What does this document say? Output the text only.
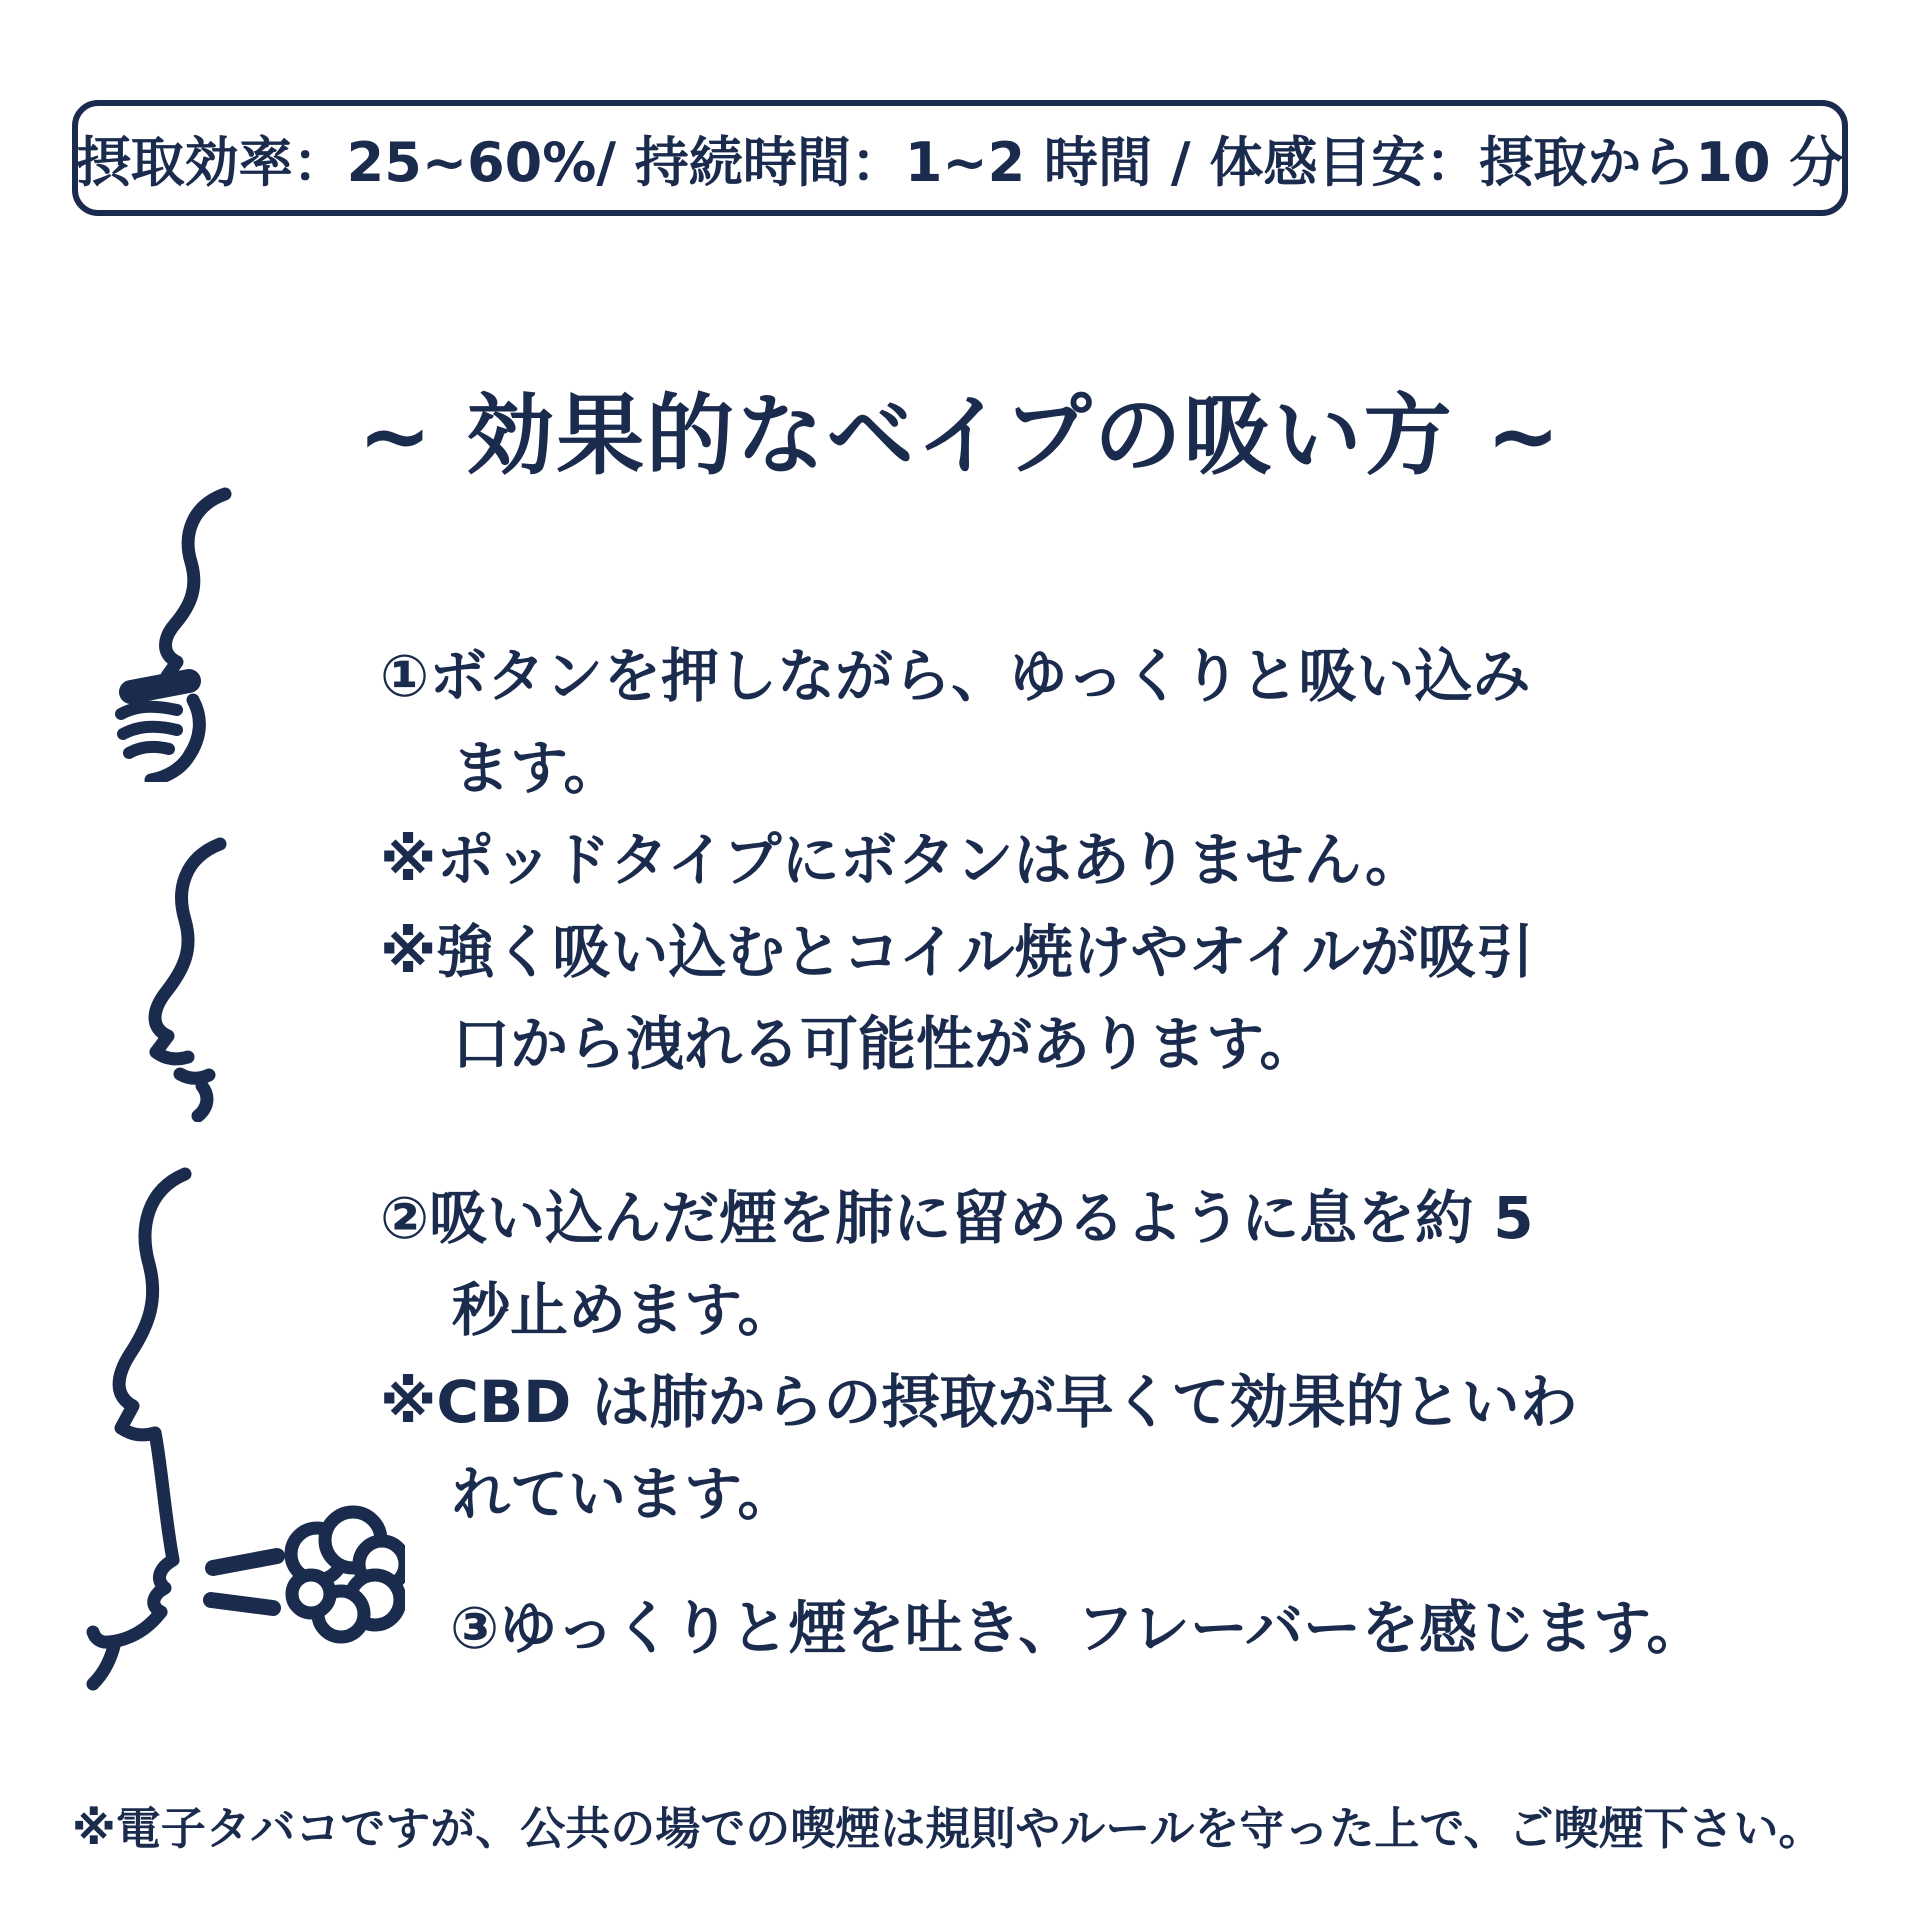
摂取効率：25~60%/ 持続時間：1~2 時間 / 体感目安：摂取から10 分
~ 効果的なベイプの吸い方 ~
①ボタンを押しながら、ゆっくりと吸い込み
ます。
※ポッドタイプにボタンはありません。
※強く吸い込むとコイル焼けやオイルが吸引
口から洩れる可能性があります。
②吸い込んだ煙を肺に留めるように息を約 5
秒止めます。
※CBD は肺からの摂取が早くて効果的といわ
れています。
③ゆっくりと煙を吐き、フレーバーを感じます。
※電子タバコですが、公共の場での喫煙は規則やルールを守った上で、ご喫煙下さい。
